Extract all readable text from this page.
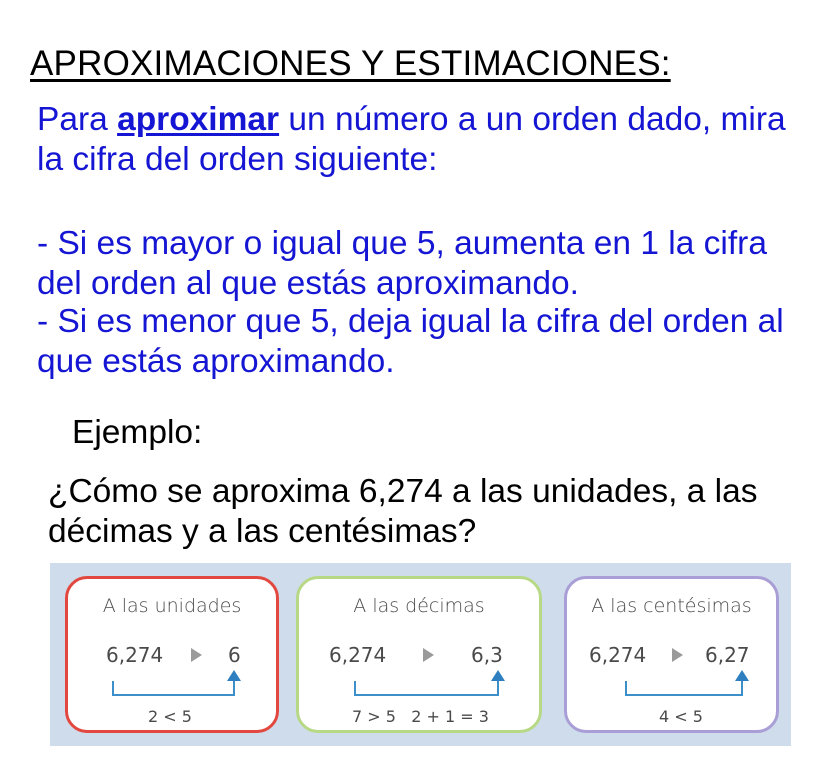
APROXIMACIONES Y ESTIMACIONES:
Para aproximar un número a un orden dado, mira la cifra del orden siguiente:
- Si es mayor o igual que 5, aumenta en 1 la cifra del orden al que estás aproximando.
- Si es menor que 5, deja igual la cifra del orden al que estás aproximando.
Ejemplo:
¿Cómo se aproxima 6,274 a las unidades, a las décimas y a las centésimas?
A las unidades
6,274	6
2 < 5
A las décimas
6,274	6,3
7 > 5   2 + 1 = 3
A las centésimas
6,274	6,27
4 < 5
